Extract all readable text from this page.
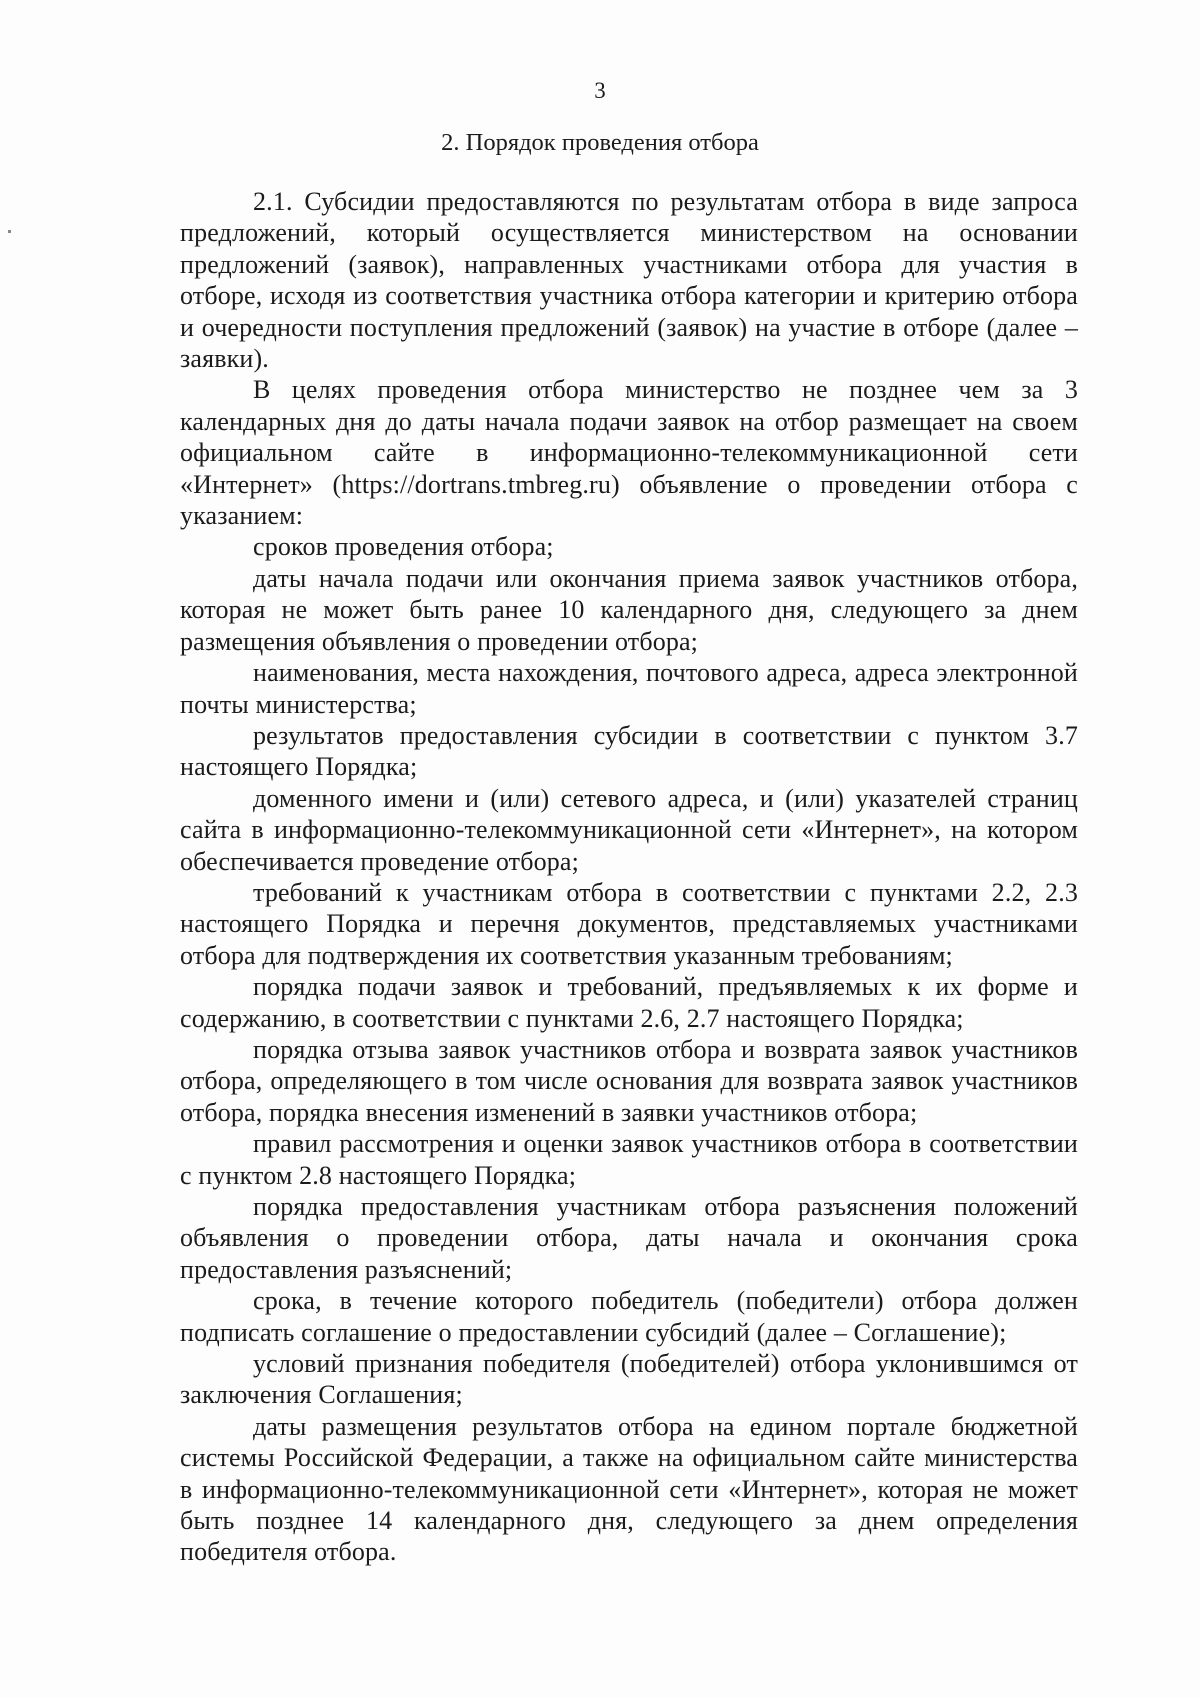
3
2. Порядок проведения отбора

2.1. Субсидии предоставляются по результатам отбора в виде запроса предложений, который осуществляется министерством на основании предложений (заявок), направленных участниками отбора для участия в отборе, исходя из соответствия участника отбора категории и критерию отбора и очередности поступления предложений (заявок) на участие в отборе (далее – заявки).

В целях проведения отбора министерство не позднее чем за 3 календарных дня до даты начала подачи заявок на отбор размещает на своем официальном сайте в информационно-телекоммуникационной сети «Интернет» (https://dortrans.tmbreg.ru) объявление о проведении отбора с указанием:

сроков проведения отбора;

даты начала подачи или окончания приема заявок участников отбора, которая не может быть ранее 10 календарного дня, следующего за днем размещения объявления о проведении отбора;

наименования, места нахождения, почтового адреса, адреса электронной почты министерства;

результатов предоставления субсидии в соответствии с пунктом 3.7 настоящего Порядка;

доменного имени и (или) сетевого адреса, и (или) указателей страниц сайта в информационно-телекоммуникационной сети «Интернет», на котором обеспечивается проведение отбора;

требований к участникам отбора в соответствии с пунктами 2.2, 2.3 настоящего Порядка и перечня документов, представляемых участниками отбора для подтверждения их соответствия указанным требованиям;

порядка подачи заявок и требований, предъявляемых к их форме и содержанию, в соответствии с пунктами 2.6, 2.7 настоящего Порядка;

порядка отзыва заявок участников отбора и возврата заявок участников отбора, определяющего в том числе основания для возврата заявок участников отбора, порядка внесения изменений в заявки участников отбора;

правил рассмотрения и оценки заявок участников отбора в соответствии с пунктом 2.8 настоящего Порядка;

порядка предоставления участникам отбора разъяснения положений объявления о проведении отбора, даты начала и окончания срока предоставления разъяснений;

срока, в течение которого победитель (победители) отбора должен подписать соглашение о предоставлении субсидий (далее – Соглашение);

условий признания победителя (победителей) отбора уклонившимся от заключения Соглашения;

даты размещения результатов отбора на едином портале бюджетной системы Российской Федерации, а также на официальном сайте министерства в информационно-телекоммуникационной сети «Интернет», которая не может быть позднее 14 календарного дня, следующего за днем определения победителя отбора.
